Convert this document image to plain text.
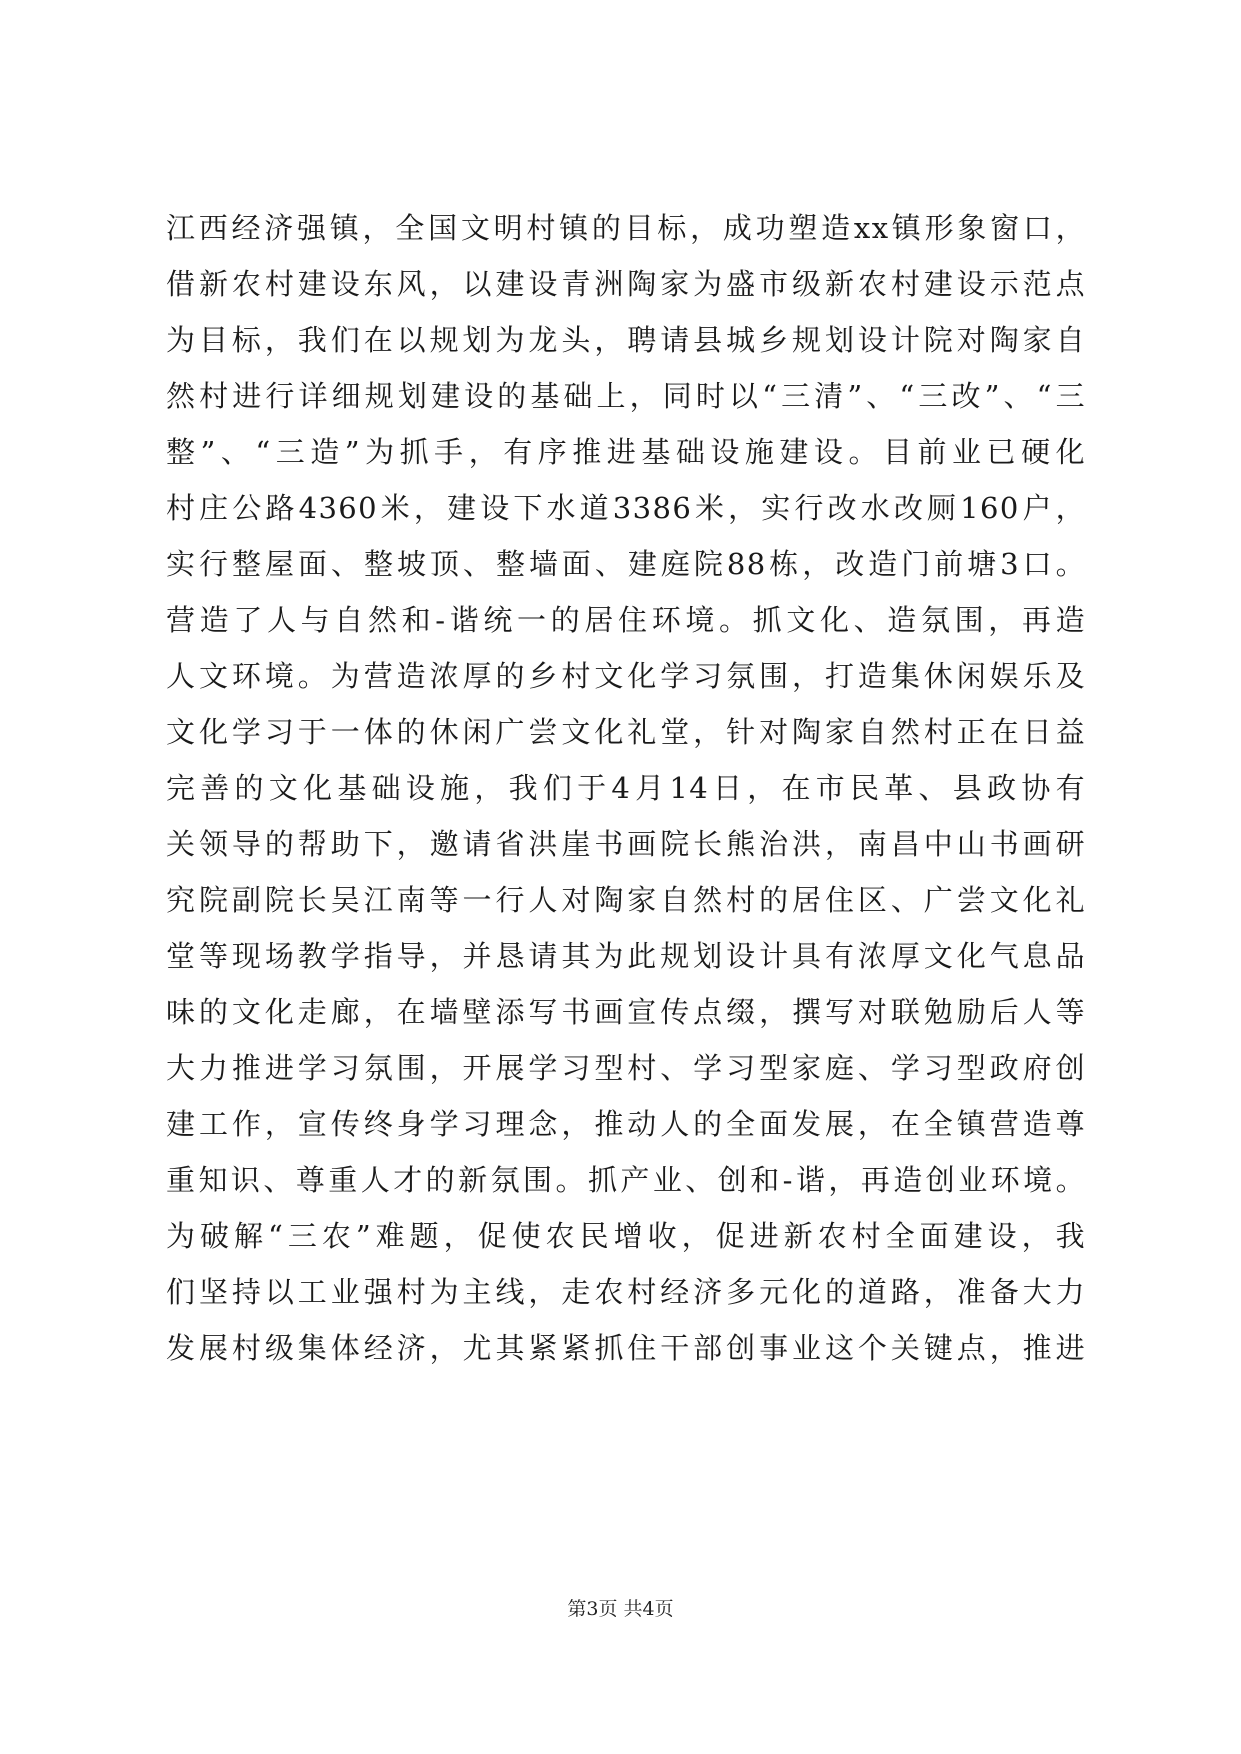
江西经济强镇，全国文明村镇的目标，成功塑造xx镇形象窗口，
借新农村建设东风，以建设青洲陶家为盛市级新农村建设示范点
为目标，我们在以规划为龙头，聘请县城乡规划设计院对陶家自
然村进行详细规划建设的基础上，同时以“三清”、“三改”、“三
整”、“三造”为抓手，有序推进基础设施建设。目前业已硬化
村庄公路4360米，建设下水道3386米，实行改水改厕160户，
实行整屋面、整坡顶、整墙面、建庭院88栋，改造门前塘3口。
营造了人与自然和-谐统一的居住环境。抓文化、造氛围，再造
人文环境。为营造浓厚的乡村文化学习氛围，打造集休闲娱乐及
文化学习于一体的休闲广尝文化礼堂，针对陶家自然村正在日益
完善的文化基础设施，我们于4月14日，在市民革、县政协有
关领导的帮助下，邀请省洪崖书画院长熊治洪，南昌中山书画研
究院副院长吴江南等一行人对陶家自然村的居住区、广尝文化礼
堂等现场教学指导，并恳请其为此规划设计具有浓厚文化气息品
味的文化走廊，在墙壁添写书画宣传点缀，撰写对联勉励后人等
大力推进学习氛围，开展学习型村、学习型家庭、学习型政府创
建工作，宣传终身学习理念，推动人的全面发展，在全镇营造尊
重知识、尊重人才的新氛围。抓产业、创和-谐，再造创业环境。
为破解“三农”难题，促使农民增收，促进新农村全面建设，我
们坚持以工业强村为主线，走农村经济多元化的道路，准备大力
发展村级集体经济，尤其紧紧抓住干部创事业这个关键点，推进
第3页 共4页
